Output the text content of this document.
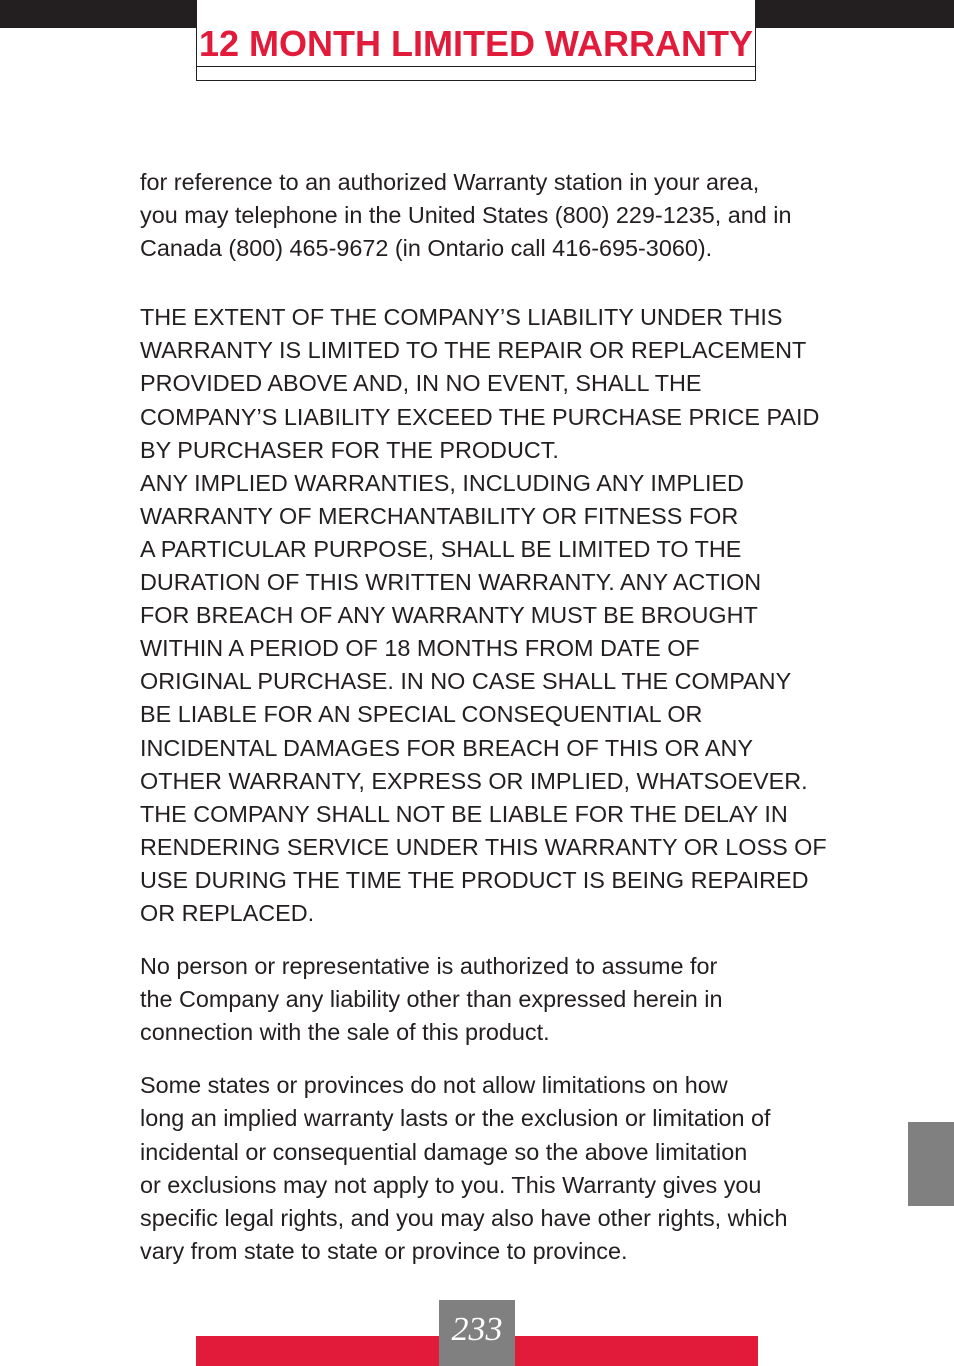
12 MONTH LIMITED WARRANTY

for reference to an authorized Warranty station in your area,
you may telephone in the United States (800) 229-1235, and in
Canada (800) 465-9672 (in Ontario call 416-695-3060).

THE EXTENT OF THE COMPANY’S LIABILITY UNDER THIS
WARRANTY IS LIMITED TO THE REPAIR OR REPLACEMENT
PROVIDED ABOVE AND, IN NO EVENT, SHALL THE
COMPANY’S LIABILITY EXCEED THE PURCHASE PRICE PAID
BY PURCHASER FOR THE PRODUCT.
ANY IMPLIED WARRANTIES, INCLUDING ANY IMPLIED
WARRANTY OF MERCHANTABILITY OR FITNESS FOR
A PARTICULAR PURPOSE, SHALL BE LIMITED TO THE
DURATION OF THIS WRITTEN WARRANTY. ANY ACTION
FOR BREACH OF ANY WARRANTY MUST BE BROUGHT
WITHIN A PERIOD OF 18 MONTHS FROM DATE OF
ORIGINAL PURCHASE. IN NO CASE SHALL THE COMPANY
BE LIABLE FOR AN SPECIAL CONSEQUENTIAL OR
INCIDENTAL DAMAGES FOR BREACH OF THIS OR ANY
OTHER WARRANTY, EXPRESS OR IMPLIED, WHATSOEVER.
THE COMPANY SHALL NOT BE LIABLE FOR THE DELAY IN
RENDERING SERVICE UNDER THIS WARRANTY OR LOSS OF
USE DURING THE TIME THE PRODUCT IS BEING REPAIRED
OR REPLACED.

No person or representative is authorized to assume for
the Company any liability other than expressed herein in
connection with the sale of this product.

Some states or provinces do not allow limitations on how
long an implied warranty lasts or the exclusion or limitation of
incidental or consequential damage so the above limitation
or exclusions may not apply to you. This Warranty gives you
specific legal rights, and you may also have other rights, which
vary from state to state or province to province.

233
